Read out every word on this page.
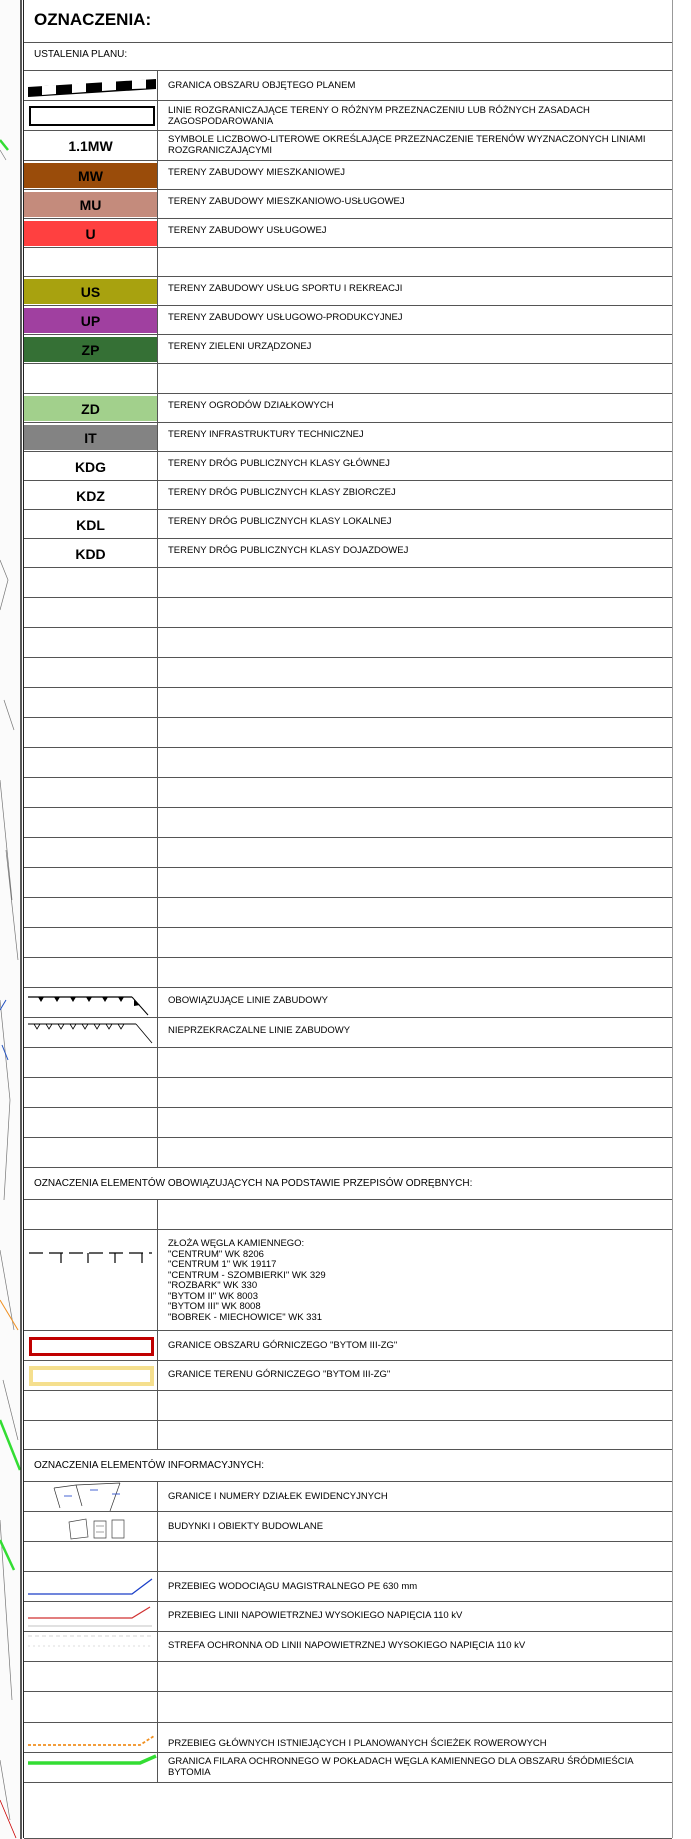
OZNACZENIA:
USTALENIA PLANU:
GRANICA OBSZARU OBJĘTEGO PLANEM
LINIE ROZGRANICZAJĄCE TERENY O RÓŻNYM PRZEZNACZENIU LUB RÓŻNYCH ZASADACH ZAGOSPODAROWANIA
1.1MW	SYMBOLE LICZBOWO-LITEROWE OKREŚLAJĄCE PRZEZNACZENIE TERENÓW WYZNACZONYCH LINIAMI ROZGRANICZAJĄCYMI
MW	TERENY ZABUDOWY MIESZKANIOWEJ
MU	TERENY ZABUDOWY MIESZKANIOWO-USŁUGOWEJ
U	TERENY ZABUDOWY USŁUGOWEJ
US	TERENY ZABUDOWY USŁUG SPORTU I REKREACJI
UP	TERENY ZABUDOWY USŁUGOWO-PRODUKCYJNEJ
ZP	TERENY ZIELENI URZĄDZONEJ
ZD	TERENY OGRODÓW DZIAŁKOWYCH
IT	TERENY INFRASTRUKTURY TECHNICZNEJ
KDG	TERENY DRÓG PUBLICZNYCH KLASY GŁÓWNEJ
KDZ	TERENY DRÓG PUBLICZNYCH KLASY ZBIORCZEJ
KDL	TERENY DRÓG PUBLICZNYCH KLASY LOKALNEJ
KDD	TERENY DRÓG PUBLICZNYCH KLASY DOJAZDOWEJ
OBOWIĄZUJĄCE LINIE ZABUDOWY
NIEPRZEKRACZALNE LINIE ZABUDOWY
OZNACZENIA ELEMENTÓW OBOWIĄZUJĄCYCH NA PODSTAWIE PRZEPISÓW ODRĘBNYCH:
ZŁOŻA WĘGLA KAMIENNEGO:
"CENTRUM" WK 8206
"CENTRUM 1" WK 19117
"CENTRUM - SZOMBIERKI" WK 329
"ROZBARK" WK 330
"BYTOM II" WK 8003
"BYTOM III" WK 8008
"BOBREK - MIECHOWICE" WK 331
GRANICE OBSZARU GÓRNICZEGO "BYTOM III-ZG"
GRANICE TERENU GÓRNICZEGO "BYTOM III-ZG"
OZNACZENIA ELEMENTÓW INFORMACYJNYCH:
GRANICE I NUMERY DZIAŁEK EWIDENCYJNYCH
BUDYNKI I OBIEKTY BUDOWLANE
PRZEBIEG WODOCIĄGU MAGISTRALNEGO PE 630 mm
PRZEBIEG LINII NAPOWIETRZNEJ WYSOKIEGO NAPIĘCIA 110 kV
STREFA OCHRONNA OD LINII NAPOWIETRZNEJ WYSOKIEGO NAPIĘCIA 110 kV
PRZEBIEG GŁÓWNYCH ISTNIEJĄCYCH I PLANOWANYCH ŚCIEŻEK ROWEROWYCH
GRANICA FILARA OCHRONNEGO W POKŁADACH WĘGLA KAMIENNEGO DLA OBSZARU ŚRÓDMIEŚCIA BYTOMIA
